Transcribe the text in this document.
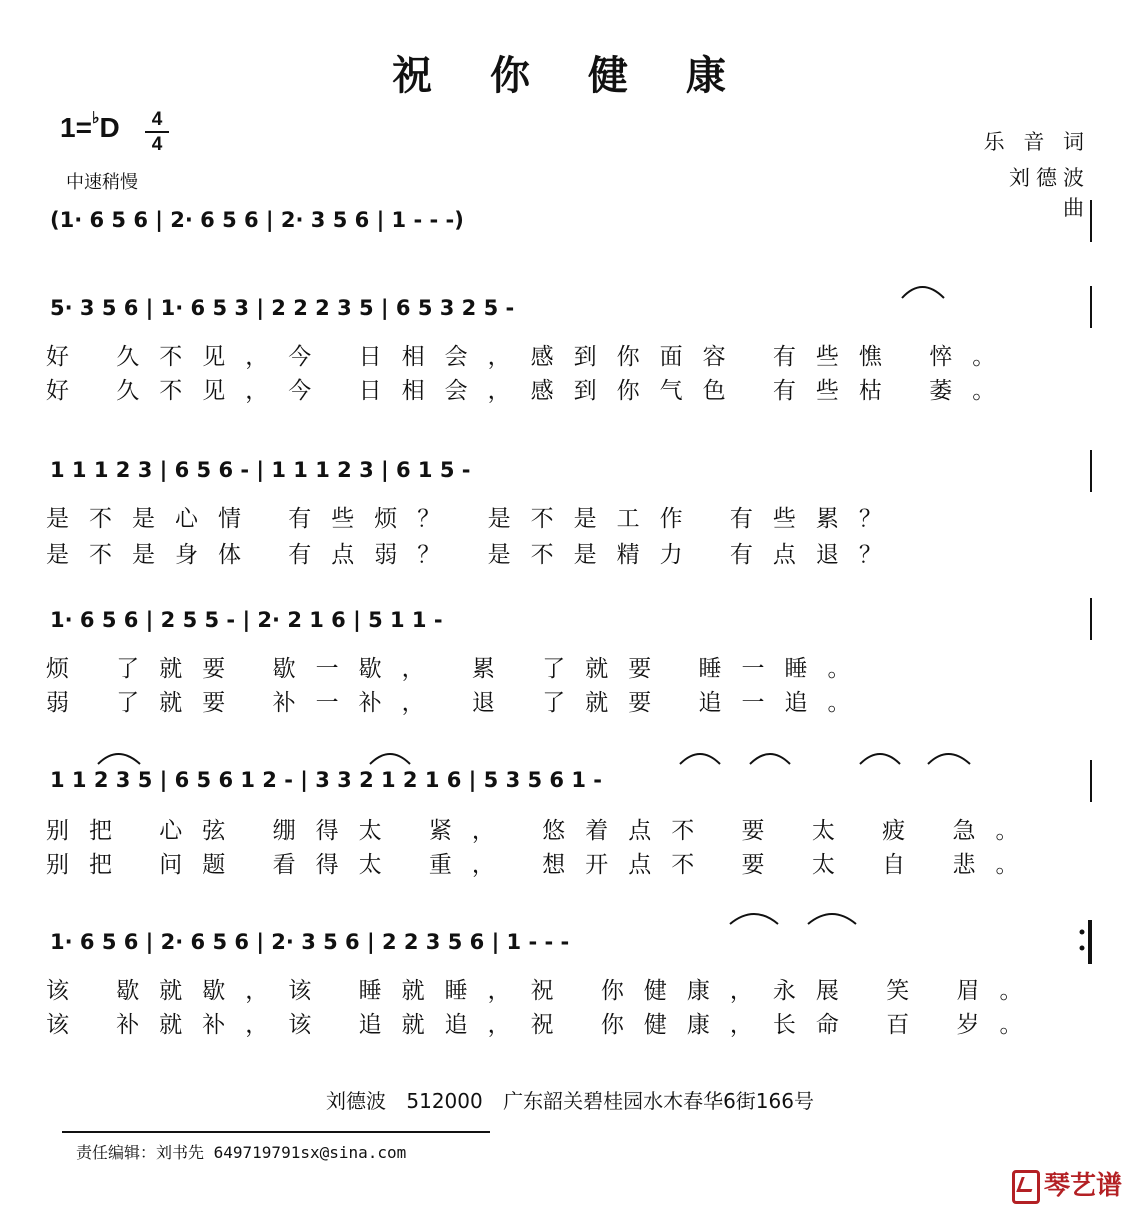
祝 你 健 康
1=♭D	4
4
中速稍慢
乐 音 词
刘德波 曲
(1· 6 5 6 | 2· 6 5 6 | 2· 3 5 6 | 1 - - -)
5· 3 5 6 | 1· 6 5 3 | 2 2 2 3 5 | 6 5 3 2 5 -
好 久不见，今 日相会，感到你面容 有些憔 悴。
好 久不见，今 日相会，感到你气色 有些枯 萎。
1 1 1 2 3 | 6 5 6 - | 1 1 1 2 3 | 6 1 5 -
是不是心情 有些烦？ 是不是工作 有些累？
是不是身体 有点弱？ 是不是精力 有点退？
1· 6 5 6 | 2 5 5 - | 2· 2 1 6 | 5 1 1 -
烦 了就要 歇一歇， 累 了就要 睡一睡。
弱 了就要 补一补， 退 了就要 追一追。
1 1 2 3 5 | 6 5 6 1 2 - | 3 3 2 1 2 1 6 | 5 3 5 6 1 -
别把 心弦 绷得太 紧， 悠着点不 要 太 疲 急。
别把 问题 看得太 重， 想开点不 要 太 自 悲。
1· 6 5 6 | 2· 6 5 6 | 2· 3 5 6 | 2 2 3 5 6 | 1 - - -
该 歇就歇，该 睡就睡，祝 你健康，永展 笑 眉。
该 补就补，该 追就追，祝 你健康，长命 百 岁。
刘德波 512000 广东韶关碧桂园水木春华6街166号
责任编辑：刘书先 649719791sx@sina.com
琴艺谱
